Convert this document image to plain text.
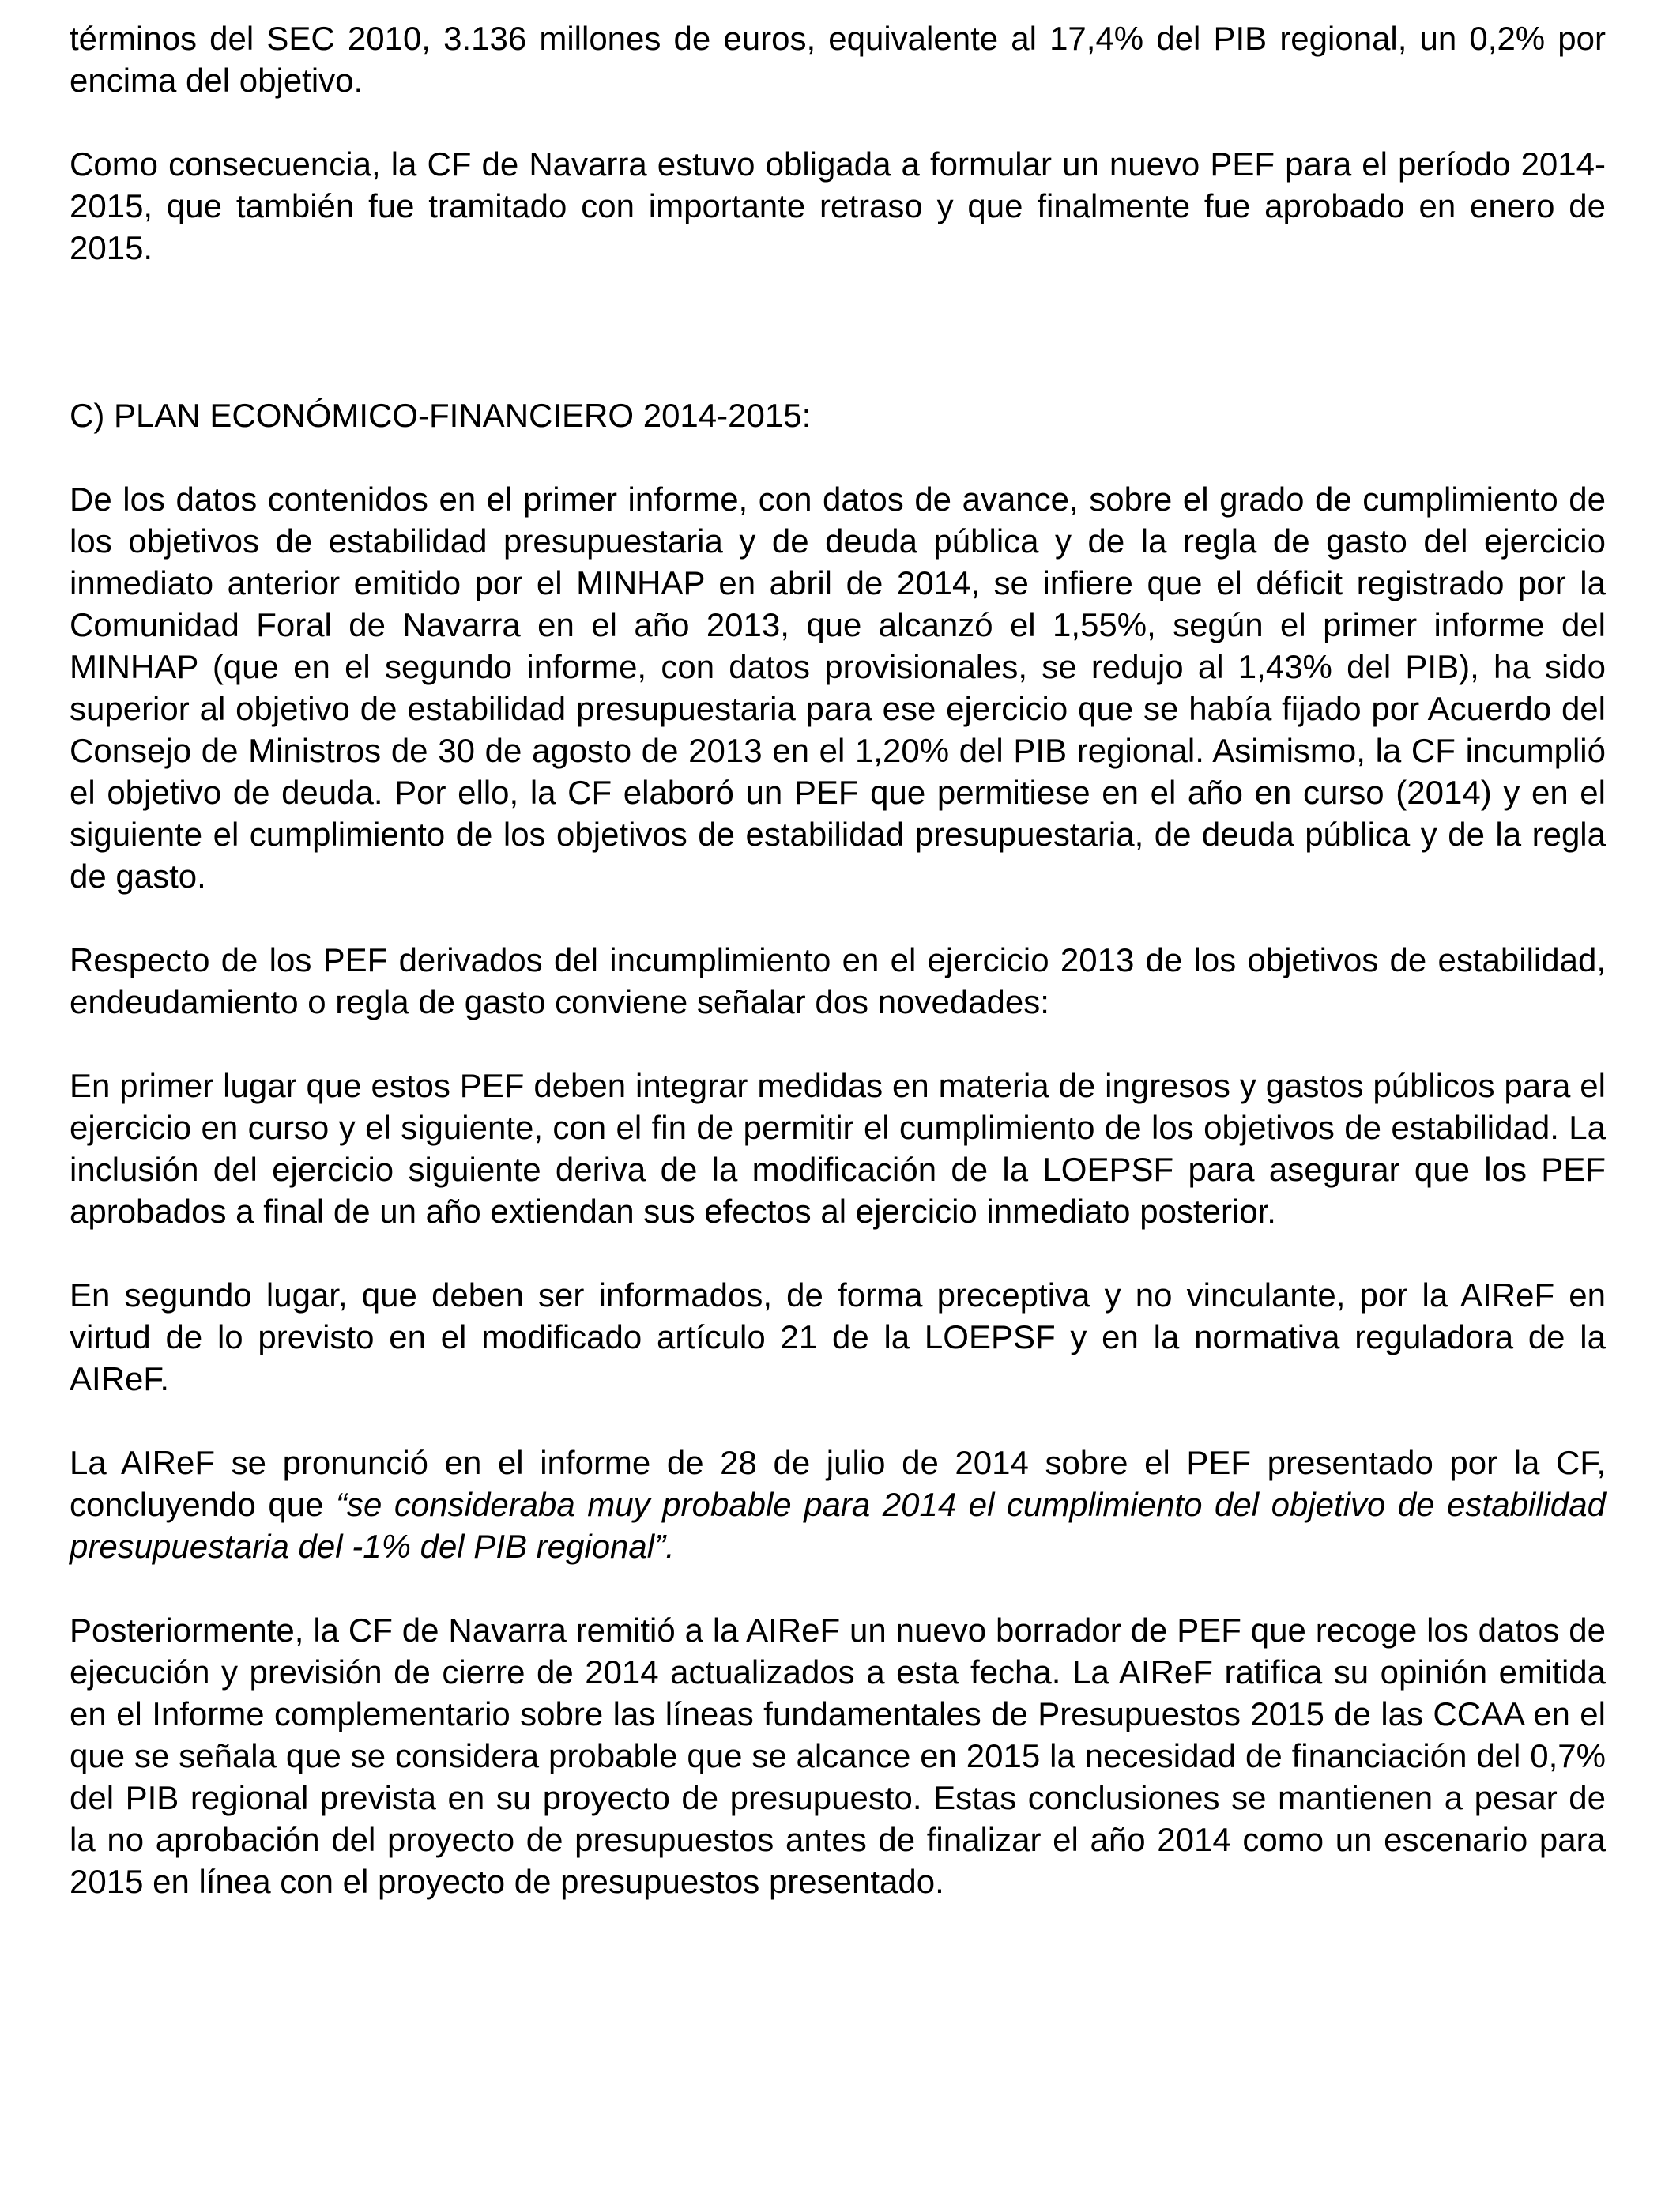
términos del SEC 2010, 3.136 millones de euros, equivalente al 17,4% del PIB regional, un 0,2% por encima del objetivo.

Como consecuencia, la CF de Navarra estuvo obligada a formular un nuevo PEF para el período 2014-2015, que también fue tramitado con importante retraso y que finalmente fue aprobado en enero de 2015.

C) PLAN ECONÓMICO-FINANCIERO 2014-2015:

De los datos contenidos en el primer informe, con datos de avance, sobre el grado de cumplimiento de los objetivos de estabilidad presupuestaria y de deuda pública y de la regla de gasto del ejercicio inmediato anterior emitido por el MINHAP en abril de 2014, se infiere que el déficit registrado por la Comunidad Foral de Navarra en el año 2013, que alcanzó el 1,55%, según el primer informe del MINHAP (que en el segundo informe, con datos provisionales, se redujo al 1,43% del PIB), ha sido superior al objetivo de estabilidad presupuestaria para ese ejercicio que se había fijado por Acuerdo del Consejo de Ministros de 30 de agosto de 2013 en el 1,20% del PIB regional. Asimismo, la CF incumplió el objetivo de deuda. Por ello, la CF elaboró un PEF que permitiese en el año en curso (2014) y en el siguiente el cumplimiento de los objetivos de estabilidad presupuestaria, de deuda pública y de la regla de gasto.

Respecto de los PEF derivados del incumplimiento en el ejercicio 2013 de los objetivos de estabilidad, endeudamiento o regla de gasto conviene señalar dos novedades:

En primer lugar que estos PEF deben integrar medidas en materia de ingresos y gastos públicos para el ejercicio en curso y el siguiente, con el fin de permitir el cumplimiento de los objetivos de estabilidad. La inclusión del ejercicio siguiente deriva de la modificación de la LOEPSF para asegurar que los PEF aprobados a final de un año extiendan sus efectos al ejercicio inmediato posterior.

En segundo lugar, que deben ser informados, de forma preceptiva y no vinculante, por la AIReF en virtud de lo previsto en el modificado artículo 21 de la LOEPSF y en la normativa reguladora de la AIReF.

La AIReF se pronunció en el informe de 28 de julio de 2014 sobre el PEF presentado por la CF, concluyendo que “se consideraba muy probable para 2014 el cumplimiento del objetivo de estabilidad presupuestaria del -1% del PIB regional”.

Posteriormente, la CF de Navarra remitió a la AIReF un nuevo borrador de PEF que recoge los datos de ejecución y previsión de cierre de 2014 actualizados a esta fecha. La AIReF ratifica su opinión emitida en el Informe complementario sobre las líneas fundamentales de Presupuestos 2015 de las CCAA en el que se señala que se considera probable que se alcance en 2015 la necesidad de financiación del 0,7% del PIB regional prevista en su proyecto de presupuesto. Estas conclusiones se mantienen a pesar de la no aprobación del proyecto de presupuestos antes de finalizar el año 2014 como un escenario para 2015 en línea con el proyecto de presupuestos presentado.
